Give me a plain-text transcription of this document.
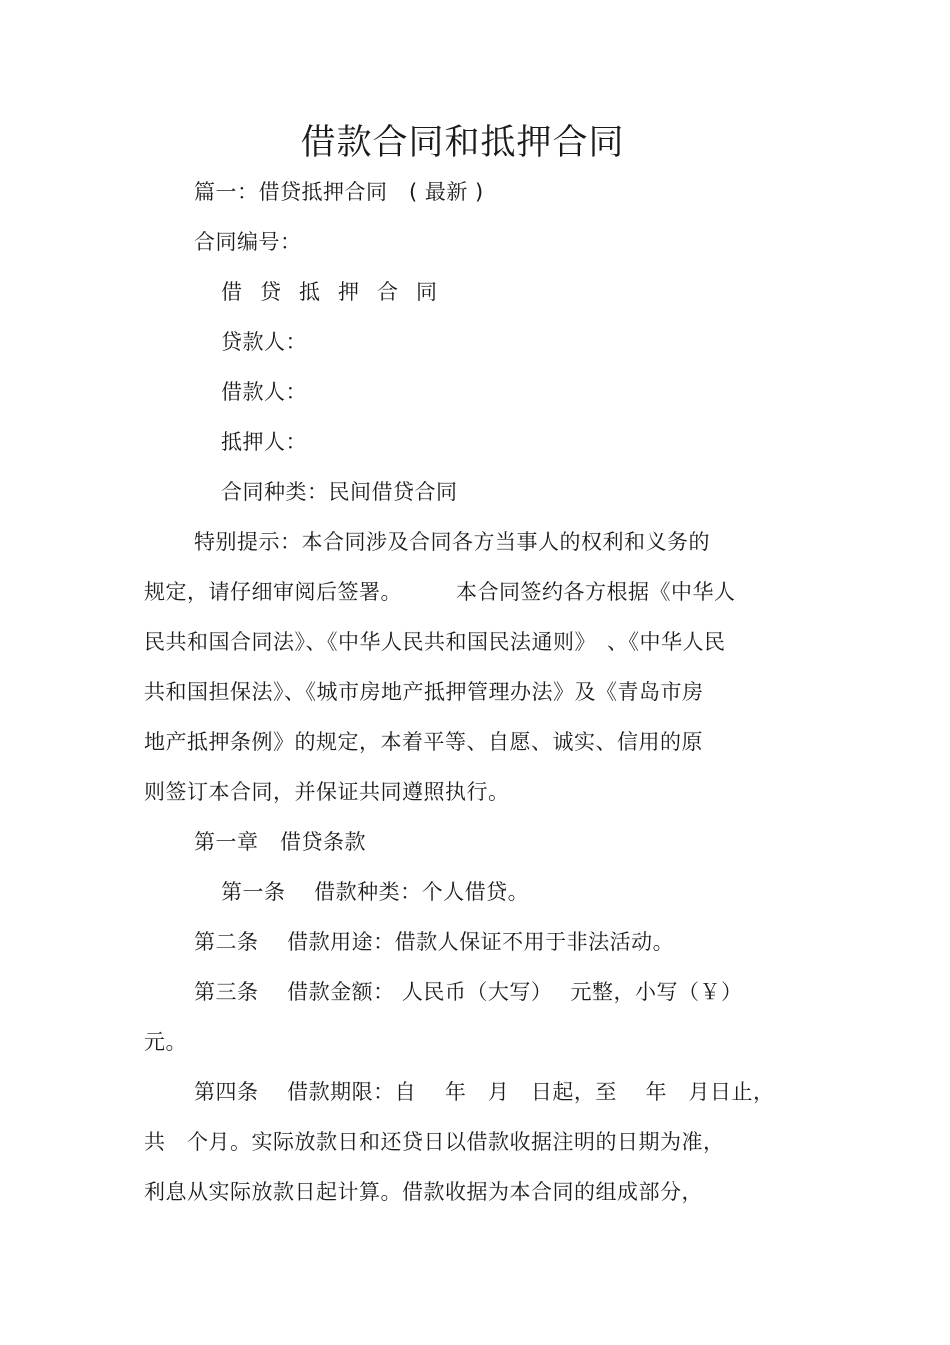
借款合同和抵押合同
篇一：借贷抵押合同　( 最新 )
合同编号：
借贷抵押合同
贷款人：
借款人：
抵押人：
合同种类：民间借贷合同
特别提示：本合同涉及合同各方当事人的权利和义务的
规定，请仔细审阅后签署。　　　本合同签约各方根据《中华人
民共和国合同法》、《中华人民共和国民法通则》　、《中华人民
共和国担保法》、《城市房地产抵押管理办法》及《青岛市房
地产抵押条例》的规定，本着平等、自愿、诚实、信用的原
则签订本合同，并保证共同遵照执行。
第一章　借贷条款
第一条　 借款种类：个人借贷。
第二条　 借款用途：借款人保证不用于非法活动。
第三条　 借款金额： 人民币（大写）　 元整，小写（￥）
元。
第四条　 借款期限：自　 年　月　日起，至　 年　月日止，
共　个月。实际放款日和还贷日以借款收据注明的日期为准，
利息从实际放款日起计算。借款收据为本合同的组成部分，
